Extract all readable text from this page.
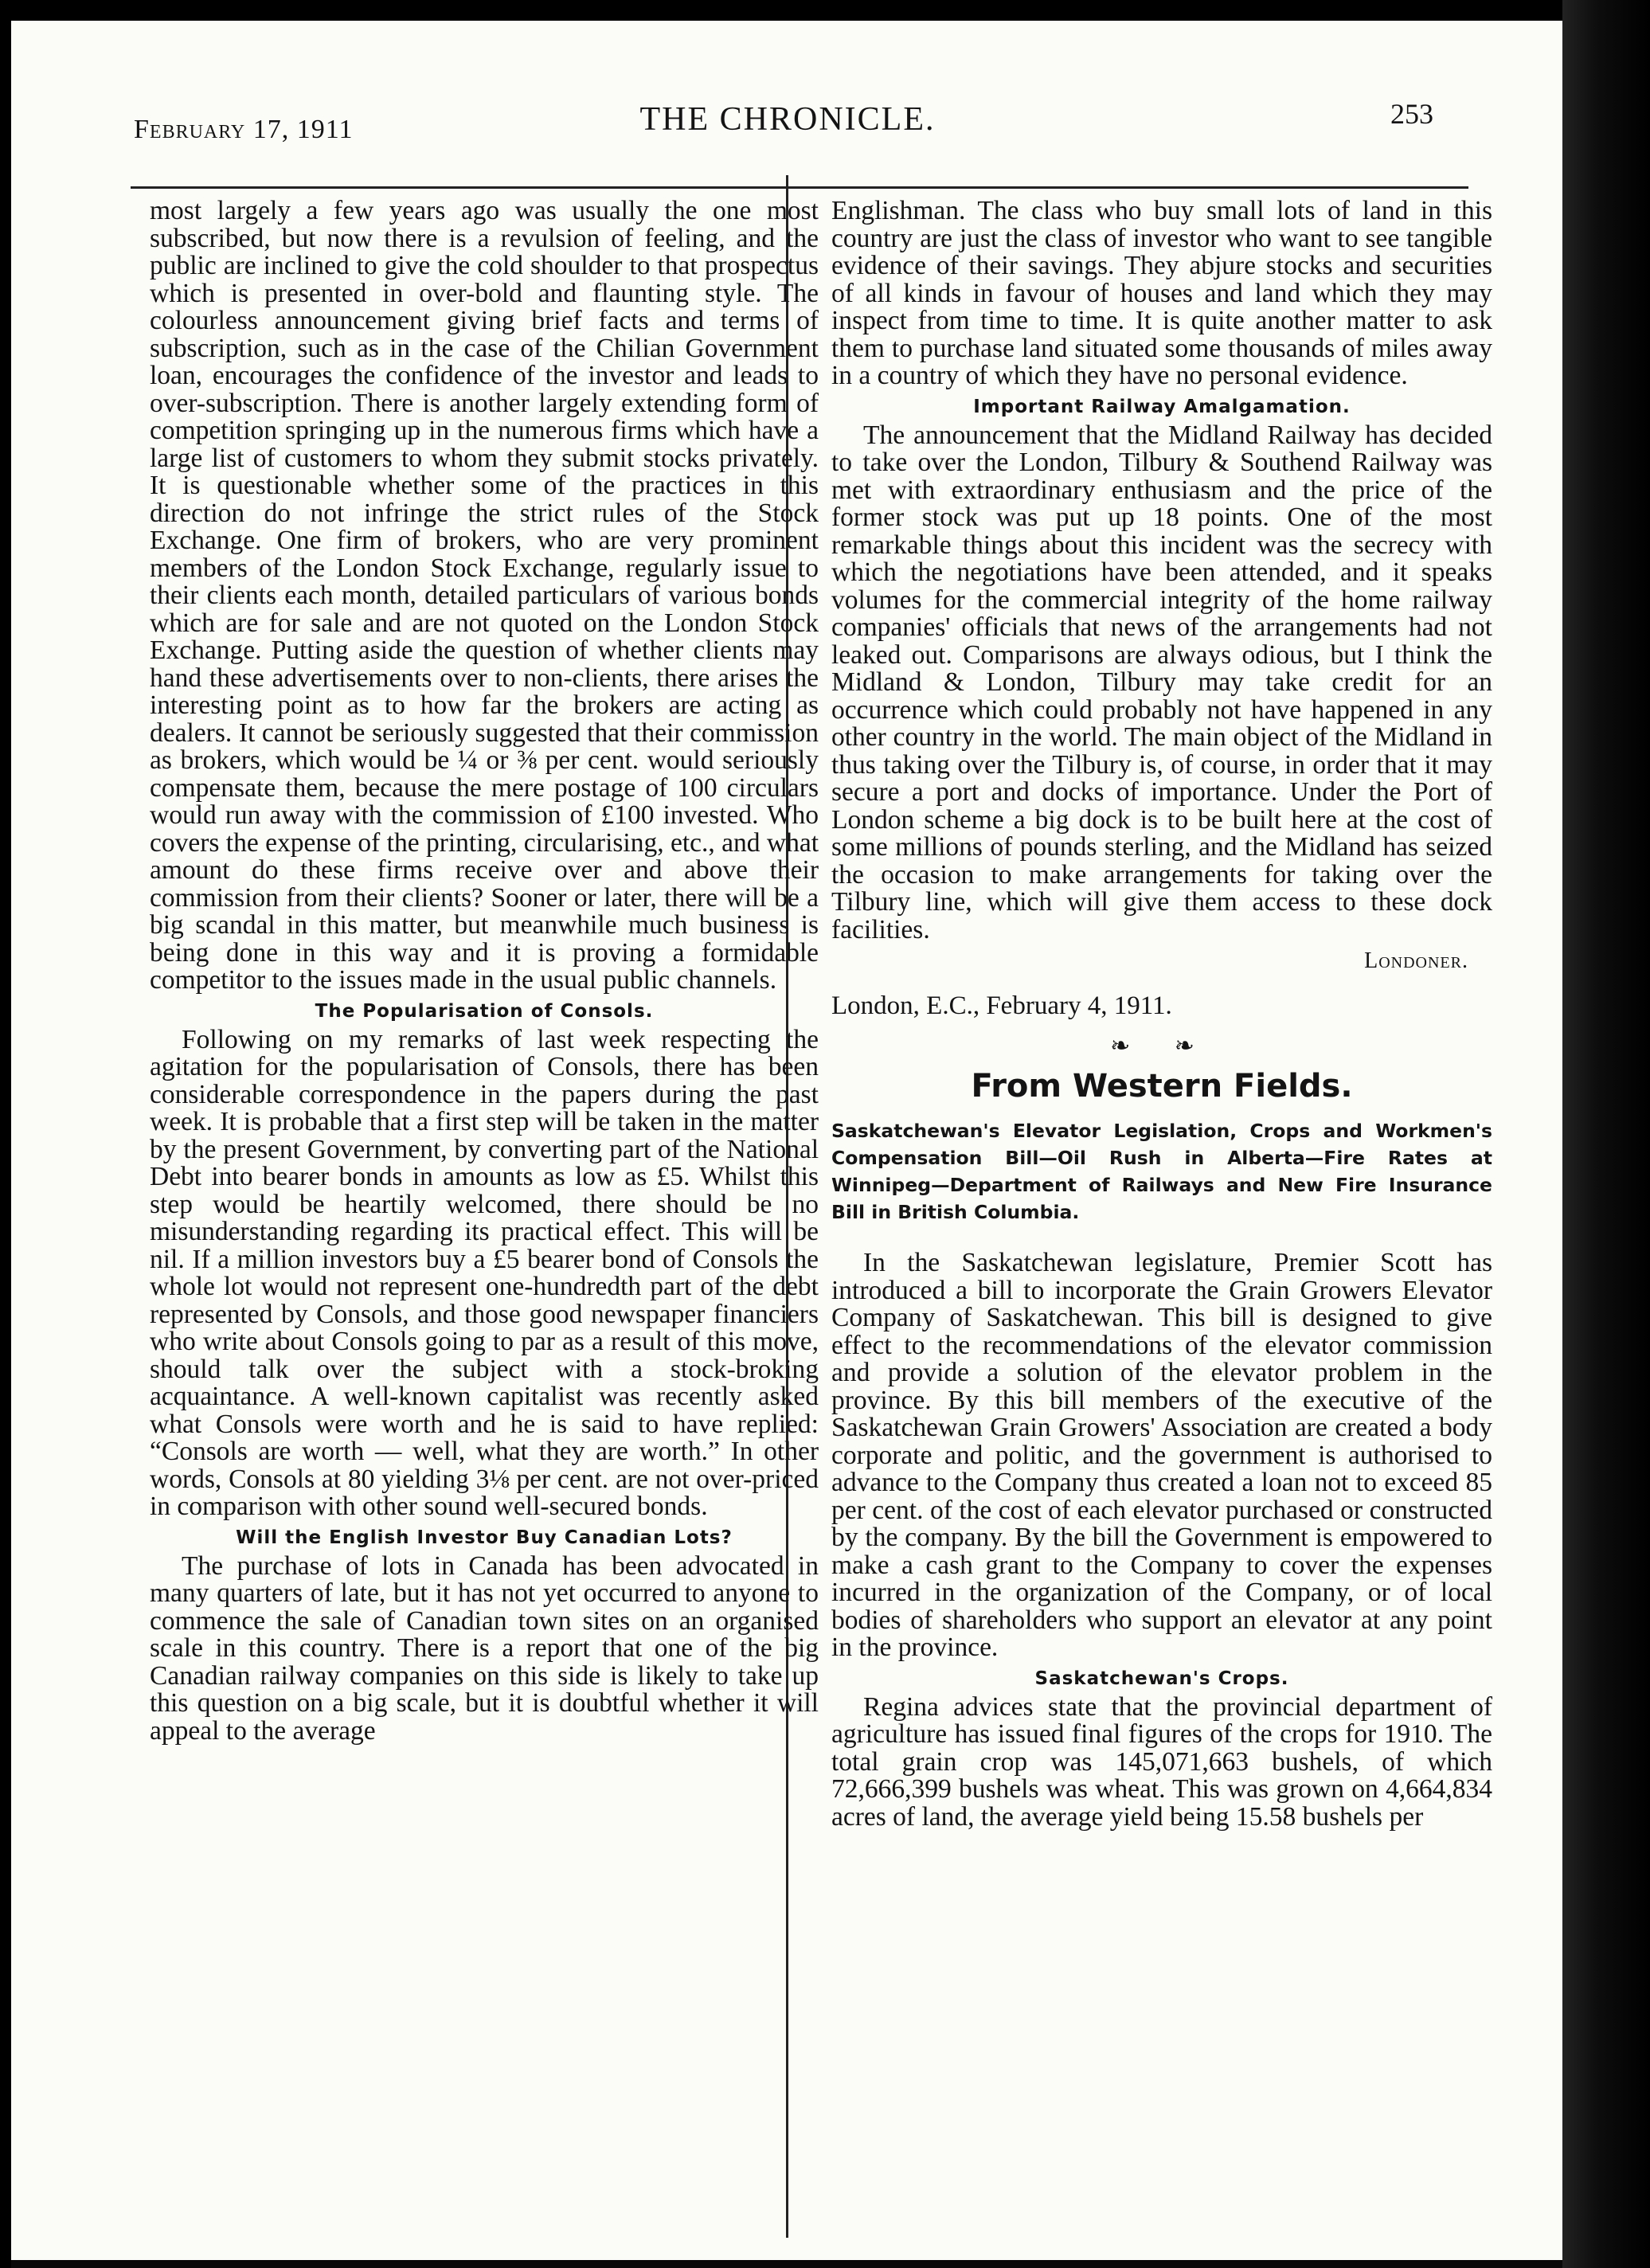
February 17, 1911	THE CHRONICLE.	253

most largely a few years ago was usually the one most subscribed, but now there is a revulsion of feeling, and the public are inclined to give the cold shoulder to that prospectus which is presented in over-bold and flaunting style. The colourless announcement giving brief facts and terms of subscription, such as in the case of the Chilian Government loan, encourages the confidence of the investor and leads to over-subscription. There is another largely extending form of competition springing up in the numerous firms which have a large list of customers to whom they submit stocks privately. It is questionable whether some of the practices in this direction do not infringe the strict rules of the Stock Exchange. One firm of brokers, who are very prominent members of the London Stock Exchange, regularly issue to their clients each month, detailed particulars of various bonds which are for sale and are not quoted on the London Stock Exchange. Putting aside the question of whether clients may hand these advertisements over to non-clients, there arises the interesting point as to how far the brokers are acting as dealers. It cannot be seriously suggested that their commission as brokers, which would be ¼ or ⅜ per cent. would seriously compensate them, because the mere postage of 100 circulars would run away with the commission of £100 invested. Who covers the expense of the printing, circularising, etc., and what amount do these firms receive over and above their commission from their clients? Sooner or later, there will be a big scandal in this matter, but meanwhile much business is being done in this way and it is proving a formidable competitor to the issues made in the usual public channels.

The Popularisation of Consols.

Following on my remarks of last week respecting the agitation for the popularisation of Consols, there has been considerable correspondence in the papers during the past week. It is probable that a first step will be taken in the matter by the present Government, by converting part of the National Debt into bearer bonds in amounts as low as £5. Whilst this step would be heartily welcomed, there should be no misunderstanding regarding its practical effect. This will be nil. If a million investors buy a £5 bearer bond of Consols the whole lot would not represent one-hundredth part of the debt represented by Consols, and those good newspaper financiers who write about Consols going to par as a result of this move, should talk over the subject with a stock-broking acquaintance. A well-known capitalist was recently asked what Consols were worth and he is said to have replied: “Consols are worth — well, what they are worth.” In other words, Consols at 80 yielding 3⅛ per cent. are not over-priced in comparison with other sound well-secured bonds.

Will the English Investor Buy Canadian Lots?

The purchase of lots in Canada has been advocated in many quarters of late, but it has not yet occurred to anyone to commence the sale of Canadian town sites on an organised scale in this country. There is a report that one of the big Canadian railway companies on this side is likely to take up this question on a big scale, but it is doubtful whether it will appeal to the average

Englishman. The class who buy small lots of land in this country are just the class of investor who want to see tangible evidence of their savings. They abjure stocks and securities of all kinds in favour of houses and land which they may inspect from time to time. It is quite another matter to ask them to purchase land situated some thousands of miles away in a country of which they have no personal evidence.

Important Railway Amalgamation.

The announcement that the Midland Railway has decided to take over the London, Tilbury & Southend Railway was met with extraordinary enthusiasm and the price of the former stock was put up 18 points. One of the most remarkable things about this incident was the secrecy with which the negotiations have been attended, and it speaks volumes for the commercial integrity of the home railway companies' officials that news of the arrangements had not leaked out. Comparisons are always odious, but I think the Midland & London, Tilbury may take credit for an occurrence which could probably not have happened in any other country in the world. The main object of the Midland in thus taking over the Tilbury is, of course, in order that it may secure a port and docks of importance. Under the Port of London scheme a big dock is to be built here at the cost of some millions of pounds sterling, and the Midland has seized the occasion to make arrangements for taking over the Tilbury line, which will give them access to these dock facilities.

Londoner.

London, E.C., February 4, 1911.

❧ ❧
From Western Fields.

Saskatchewan's Elevator Legislation, Crops and Workmen's Compensation Bill—Oil Rush in Alberta—Fire Rates at Winnipeg—Department of Railways and New Fire Insurance Bill in British Columbia.

In the Saskatchewan legislature, Premier Scott has introduced a bill to incorporate the Grain Growers Elevator Company of Saskatchewan. This bill is designed to give effect to the recommendations of the elevator commission and provide a solution of the elevator problem in the province. By this bill members of the executive of the Saskatchewan Grain Growers' Association are created a body corporate and politic, and the government is authorised to advance to the Company thus created a loan not to exceed 85 per cent. of the cost of each elevator purchased or constructed by the company. By the bill the Government is empowered to make a cash grant to the Company to cover the expenses incurred in the organization of the Company, or of local bodies of shareholders who support an elevator at any point in the province.

Saskatchewan's Crops.

Regina advices state that the provincial department of agriculture has issued final figures of the crops for 1910. The total grain crop was 145,071,663 bushels, of which 72,666,399 bushels was wheat. This was grown on 4,664,834 acres of land, the average yield being 15.58 bushels per
